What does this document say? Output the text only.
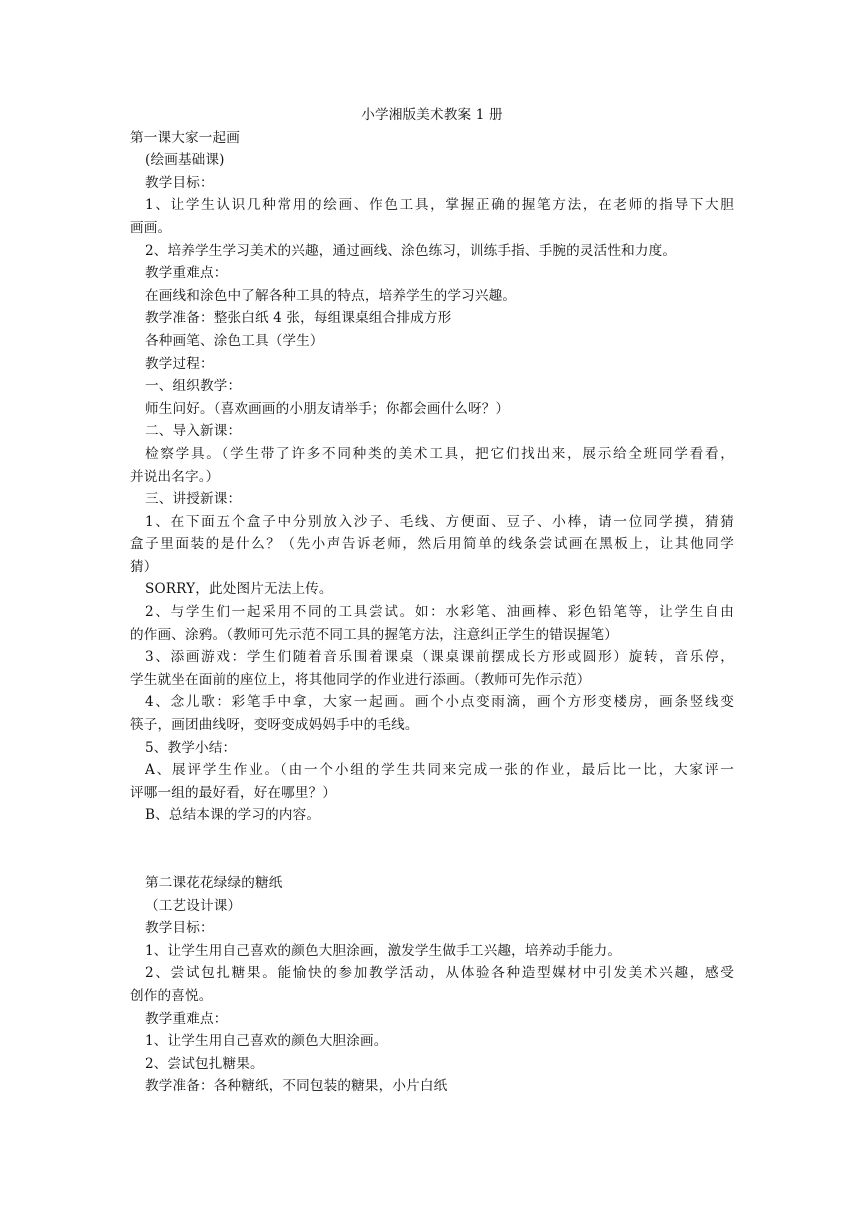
小学湘版美术教案 1 册
第一课大家一起画
(绘画基础课)
教学目标：
1、让学生认识几种常用的绘画、作色工具，掌握正确的握笔方法，在老师的指导下大胆
画画。
2、培养学生学习美术的兴趣，通过画线、涂色练习，训练手指、手腕的灵活性和力度。
教学重难点：
在画线和涂色中了解各种工具的特点，培养学生的学习兴趣。
教学准备：整张白纸 4 张，每组课桌组合排成方形
各种画笔、涂色工具（学生）
教学过程：
一、组织教学：
师生问好。（喜欢画画的小朋友请举手；你都会画什么呀？）
二、导入新课：
检察学具。（学生带了许多不同种类的美术工具，把它们找出来，展示给全班同学看看，
并说出名字。）
三、讲授新课：
1、在下面五个盒子中分别放入沙子、毛线、方便面、豆子、小棒，请一位同学摸，猜猜
盒子里面装的是什么？（先小声告诉老师，然后用简单的线条尝试画在黑板上，让其他同学
猜）
SORRY，此处图片无法上传。
2、与学生们一起采用不同的工具尝试。如：水彩笔、油画棒、彩色铅笔等，让学生自由
的作画、涂鸦。（教师可先示范不同工具的握笔方法，注意纠正学生的错误握笔）
3、添画游戏：学生们随着音乐围着课桌（课桌课前摆成长方形或圆形）旋转，音乐停，
学生就坐在面前的座位上，将其他同学的作业进行添画。（教师可先作示范）
4、念儿歌：彩笔手中拿，大家一起画。画个小点变雨滴，画个方形变楼房，画条竖线变
筷子，画团曲线呀，变呀变成妈妈手中的毛线。
5、教学小结：
A、展评学生作业。（由一个小组的学生共同来完成一张的作业，最后比一比，大家评一
评哪一组的最好看，好在哪里？）
B、总结本课的学习的内容。
第二课花花绿绿的糖纸
（工艺设计课）
教学目标：
1、让学生用自己喜欢的颜色大胆涂画，激发学生做手工兴趣，培养动手能力。
2、尝试包扎糖果。能愉快的参加教学活动，从体验各种造型媒材中引发美术兴趣，感受
创作的喜悦。
教学重难点：
1、让学生用自己喜欢的颜色大胆涂画。
2、尝试包扎糖果。
教学准备：各种糖纸，不同包装的糖果，小片白纸
